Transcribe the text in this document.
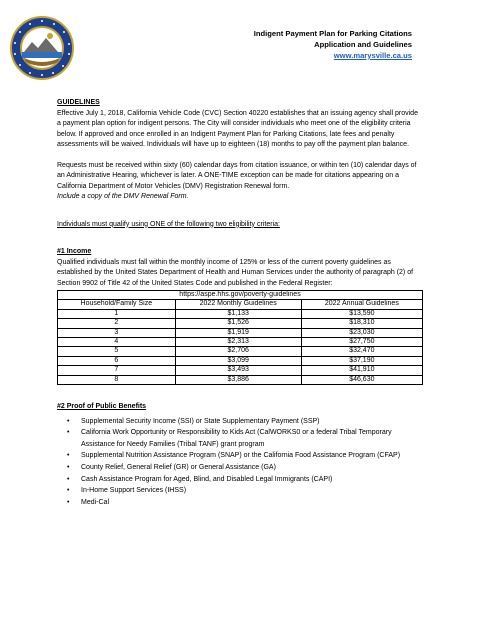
Indigent Payment Plan for Parking Citations
Application and Guidelines
www.marysville.ca.us

GUIDELINES

Effective July 1, 2018, California Vehicle Code (CVC) Section 40220 establishes that an issuing agency shall provide a payment plan option for indigent persons. The City will consider individuals who meet one of the eligibility criteria below. If approved and once enrolled in an Indigent Payment Plan for Parking Citations, late fees and penalty assessments will be waived. Individuals will have up to eighteen (18) months to pay off the payment plan balance.

Requests must be received within sixty (60) calendar days from citation issuance, or within ten (10) calendar days of an Administrative Hearing, whichever is later. A ONE-TIME exception can be made for citations appearing on a California Department of Motor Vehicles (DMV) Registration Renewal form.

Include a copy of the DMV Renewal Form.

Individuals must qualify using ONE of the following two eligibility criteria:

#1 Income

Qualified individuals must fall within the monthly income of 125% or less of the current poverty guidelines as established by the United States Department of Health and Human Services under the authority of paragraph (2) of Section 9902 of Title 42 of the United States Code and published in the Federal Register:

https://aspe.hhs.gov/poverty-guidelines		
Household/Family Size	2022 Monthly Guidelines	2022 Annual Guidelines
1	$1,133	$13,590
2	$1,526	$18,310
3	$1,919	$23,030
4	$2,313	$27,750
5	$2,706	$32,470
6	$3,099	$37,190
7	$3,493	$41,910
8	$3,886	$46,630

#2 Proof of Public Benefits

• Supplemental Security Income (SSI) or State Supplementary Payment (SSP)
• California Work Opportunity or Responsibility to Kids Act (CalWORKS0 or a federal Tribal Temporary Assistance for Needy Families (Tribal TANF) grant program
• Supplemental Nutrition Assistance Program (SNAP) or the California Food Assistance Program (CFAP)
• County Relief, General Relief (GR) or General Assistance (GA)
• Cash Assistance Program for Aged, Blind, and Disabled Legal Immigrants (CAPI)
• In-Home Support Services (IHSS)
• Medi-Cal
